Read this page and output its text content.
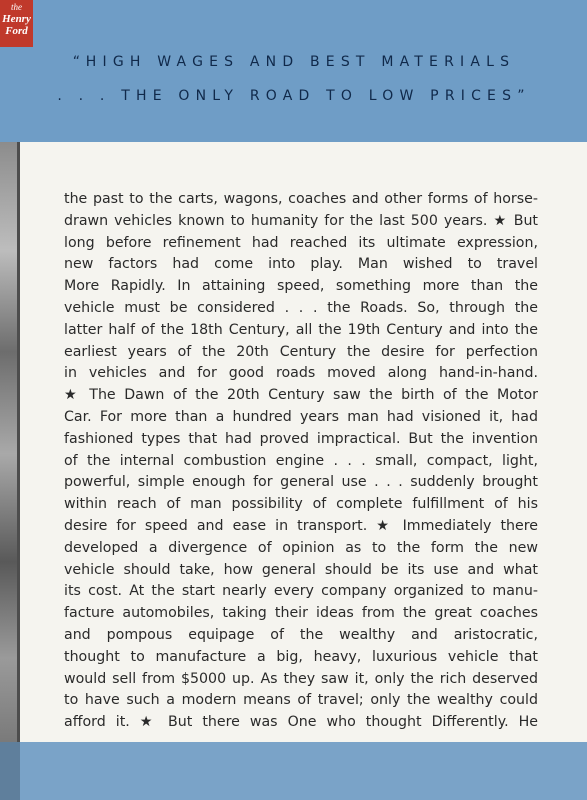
the
Henry
Ford
“HIGH WAGES AND BEST MATERIALS
. . . THE ONLY ROAD TO LOW PRICES”
the past to the carts, wagons, coaches and other forms of horse-
drawn vehicles known to humanity for the last 500 years. ★ But
long before refinement had reached its ultimate expression,
new factors had come into play. Man wished to travel
More Rapidly. In attaining speed, something more than the
vehicle must be considered . . . the Roads. So, through the
latter half of the 18th Century, all the 19th Century and into the
earliest years of the 20th Century the desire for perfection
in vehicles and for good roads moved along hand-in-hand.
★ The Dawn of the 20th Century saw the birth of the Motor
Car. For more than a hundred years man had visioned it, had
fashioned types that had proved impractical. But the invention
of the internal combustion engine . . . small, compact, light,
powerful, simple enough for general use . . . suddenly brought
within reach of man possibility of complete fulfillment of his
desire for speed and ease in transport. ★ Immediately there
developed a divergence of opinion as to the form the new
vehicle should take, how general should be its use and what
its cost. At the start nearly every company organized to manu-
facture automobiles, taking their ideas from the great coaches
and pompous equipage of the wealthy and aristocratic,
thought to manufacture a big, heavy, luxurious vehicle that
would sell from $5000 up. As they saw it, only the rich deserved
to have such a modern means of travel; only the wealthy could
afford it. ★ But there was One who thought Differently. He
